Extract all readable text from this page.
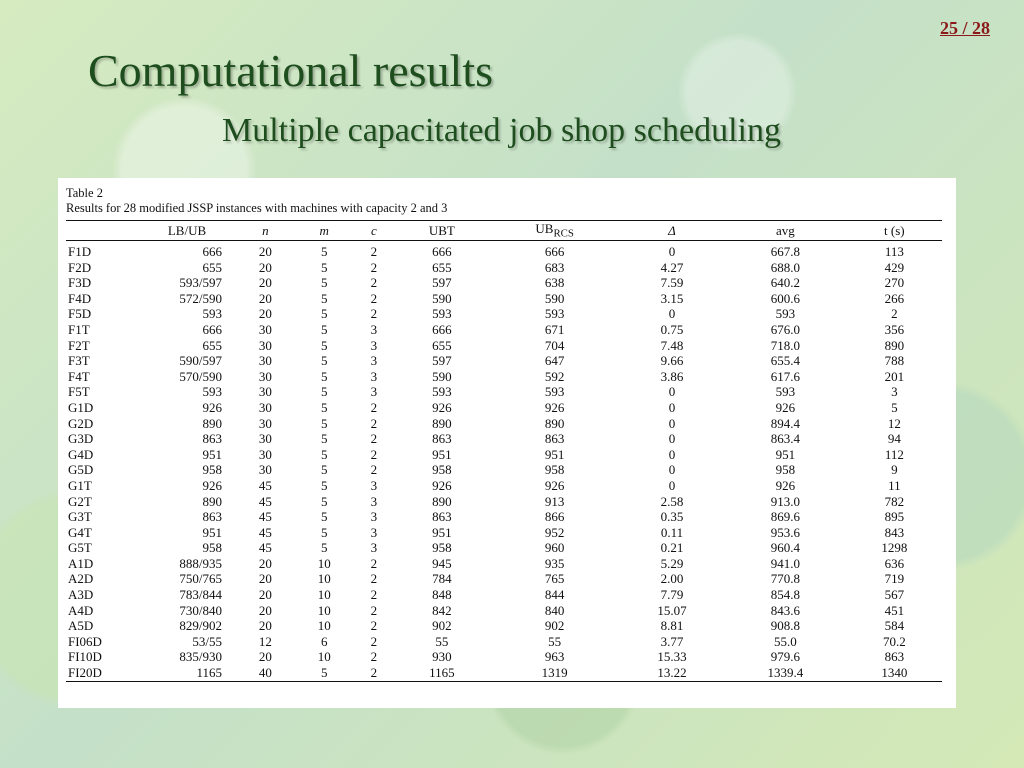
25 / 28
Computational results
Multiple capacitated job shop scheduling
Table 2
Results for 28 modified JSSP instances with machines with capacity 2 and 3
	LB/UB	n	m	c	UBT	$UB_{RCS}$	Δ	avg	t (s)
F1D	666	20	5	2	666	666	0	667.8	113
F2D	655	20	5	2	655	683	4.27	688.0	429
F3D	593/597	20	5	2	597	638	7.59	640.2	270
F4D	572/590	20	5	2	590	590	3.15	600.6	266
F5D	593	20	5	2	593	593	0	593	2
F1T	666	30	5	3	666	671	0.75	676.0	356
F2T	655	30	5	3	655	704	7.48	718.0	890
F3T	590/597	30	5	3	597	647	9.66	655.4	788
F4T	570/590	30	5	3	590	592	3.86	617.6	201
F5T	593	30	5	3	593	593	0	593	3
G1D	926	30	5	2	926	926	0	926	5
G2D	890	30	5	2	890	890	0	894.4	12
G3D	863	30	5	2	863	863	0	863.4	94
G4D	951	30	5	2	951	951	0	951	112
G5D	958	30	5	2	958	958	0	958	9
G1T	926	45	5	3	926	926	0	926	11
G2T	890	45	5	3	890	913	2.58	913.0	782
G3T	863	45	5	3	863	866	0.35	869.6	895
G4T	951	45	5	3	951	952	0.11	953.6	843
G5T	958	45	5	3	958	960	0.21	960.4	1298
A1D	888/935	20	10	2	945	935	5.29	941.0	636
A2D	750/765	20	10	2	784	765	2.00	770.8	719
A3D	783/844	20	10	2	848	844	7.79	854.8	567
A4D	730/840	20	10	2	842	840	15.07	843.6	451
A5D	829/902	20	10	2	902	902	8.81	908.8	584
FI06D	53/55	12	6	2	55	55	3.77	55.0	70.2
FI10D	835/930	20	10	2	930	963	15.33	979.6	863
FI20D	1165	40	5	2	1165	1319	13.22	1339.4	1340
